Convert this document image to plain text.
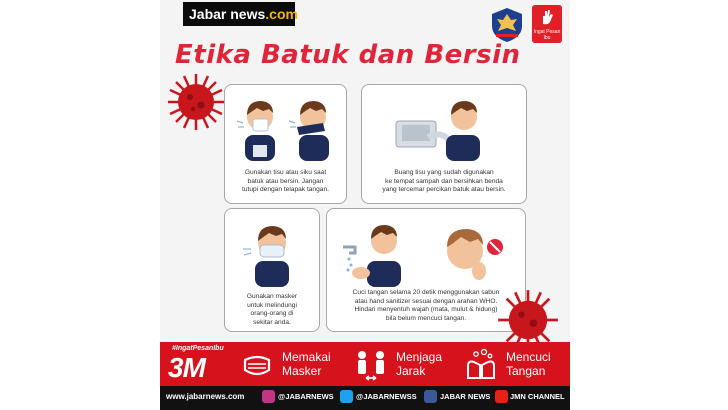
Jabar news.com
Ingat Pesan Ibu
Etika Batuk dan Bersin
Gunakan tisu atau siku saat
batuk atau bersin. Jangan
tutupi dengan telapak tangan.
Buang tisu yang sudah digunakan
ke tempat sampah dan bersihkan benda
yang tercemar percikan batuk atau bersin.
Gunakan masker
untuk melindungi
orang-orang di
sekitar anda.
Cuci tangan selama 20 detik menggunakan sabun
atau hand sanitizer sesuai dengan arahan WHO.
Hindari menyentuh wajah (mata, mulut & hidung)
bila belum mencuci tangan.
#IngatPesanIbu
3M	Memakai
Masker
Menjaga
Jarak
Mencuci
Tangan
www.jabarnews.com	@JABARNEWS	@JABARNEWSS	JABAR NEWS	JMN CHANNEL
